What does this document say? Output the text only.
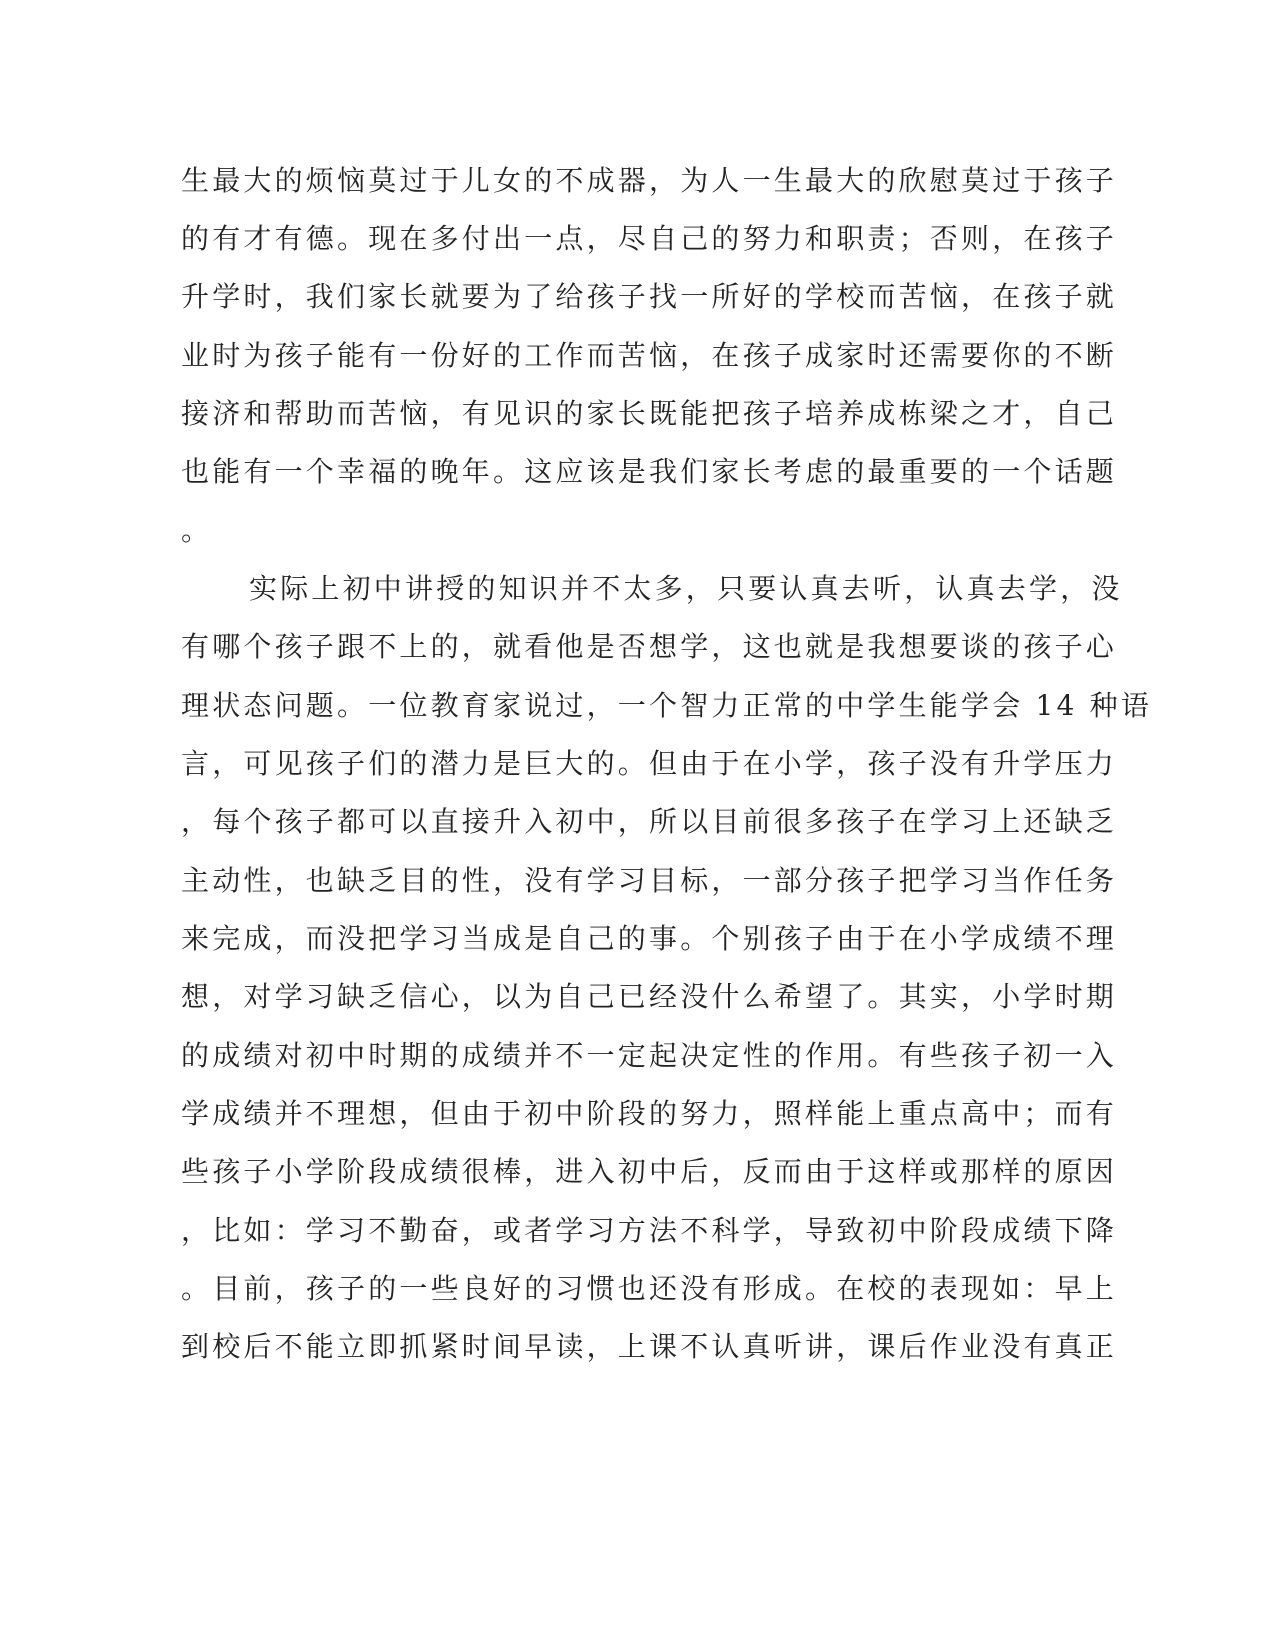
生最大的烦恼莫过于儿女的不成器，为人一生最大的欣慰莫过于孩子
的有才有德。现在多付出一点，尽自己的努力和职责；否则，在孩子
升学时，我们家长就要为了给孩子找一所好的学校而苦恼，在孩子就
业时为孩子能有一份好的工作而苦恼，在孩子成家时还需要你的不断
接济和帮助而苦恼，有见识的家长既能把孩子培养成栋梁之才，自己
也能有一个幸福的晚年。这应该是我们家长考虑的最重要的一个话题
。
实际上初中讲授的知识并不太多，只要认真去听，认真去学，没
有哪个孩子跟不上的，就看他是否想学，这也就是我想要谈的孩子心
理状态问题。一位教育家说过，一个智力正常的中学生能学会 14 种语
言，可见孩子们的潜力是巨大的。但由于在小学，孩子没有升学压力
，每个孩子都可以直接升入初中，所以目前很多孩子在学习上还缺乏
主动性，也缺乏目的性，没有学习目标，一部分孩子把学习当作任务
来完成，而没把学习当成是自己的事。个别孩子由于在小学成绩不理
想，对学习缺乏信心，以为自己已经没什么希望了。其实，小学时期
的成绩对初中时期的成绩并不一定起决定性的作用。有些孩子初一入
学成绩并不理想，但由于初中阶段的努力，照样能上重点高中；而有
些孩子小学阶段成绩很棒，进入初中后，反而由于这样或那样的原因
，比如：学习不勤奋，或者学习方法不科学，导致初中阶段成绩下降
。目前，孩子的一些良好的习惯也还没有形成。在校的表现如：早上
到校后不能立即抓紧时间早读，上课不认真听讲，课后作业没有真正
